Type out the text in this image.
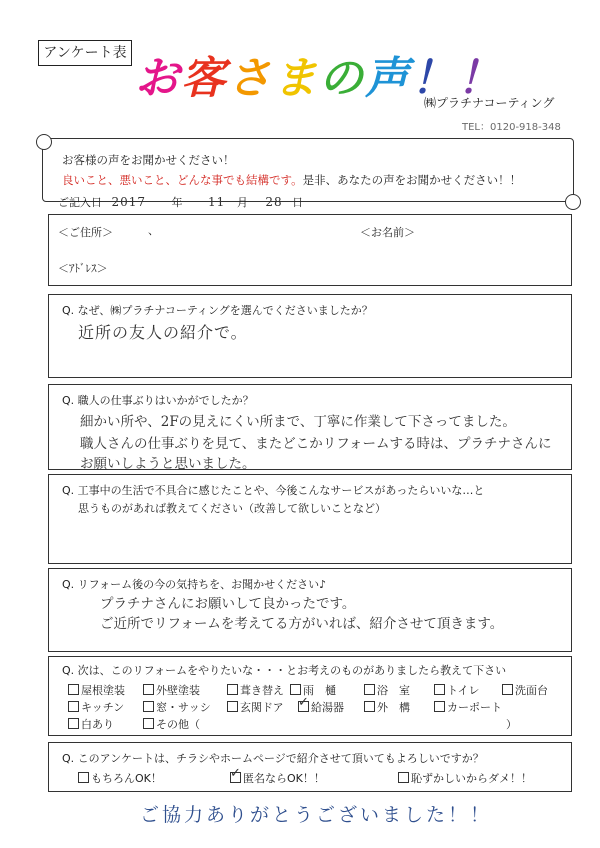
アンケート表 お客さまの声！！
㈱プラチナコーティング
TEL：0120-918-348
お客様の声をお聞かせください！
良いこと、悪いこと、どんな事でも結構です。是非、あなたの声をお聞かせください！！
ご記入日 2017 年 11 月 28 日
＜ご住所＞	、	＜お名前＞
＜ｱﾄﾞﾚｽ＞
Q. なぜ、㈱プラチナコーティングを選んでくださいましたか？
近所の友人の紹介で。
Q. 職人の仕事ぶりはいかがでしたか？
細かい所や、2Fの見えにくい所まで、丁寧に作業して下さってました。
職人さんの仕事ぶりを見て、またどこかリフォームする時は、プラチナさんに
お願いしようと思いました。
Q. 工事中の生活で不具合に感じたことや、今後こんなサービスがあったらいいな…と
思うものがあれば教えてください（改善して欲しいことなど）
Q. リフォーム後の今の気持ちを、お聞かせください♪
プラチナさんにお願いして良かったです。
ご近所でリフォームを考えてる方がいれば、紹介させて頂きます。
Q. 次は、このリフォームをやりたいな・・・とお考えのものがありましたら教えて下さい
屋根塗装	外壁塗装	葺き替え	雨　樋	浴　室	トイレ	洗面台
キッチン	窓・サッシ	玄関ドア ✓ 給湯器	外　構	カーポート
白あり	その他（	）
Q. このアンケートは、チラシやホームページで紹介させて頂いてもよろしいですか？
もちろんOK！	✓ 匿名ならOK！！	恥ずかしいからダメ！！
ご協力ありがとうございました！！
